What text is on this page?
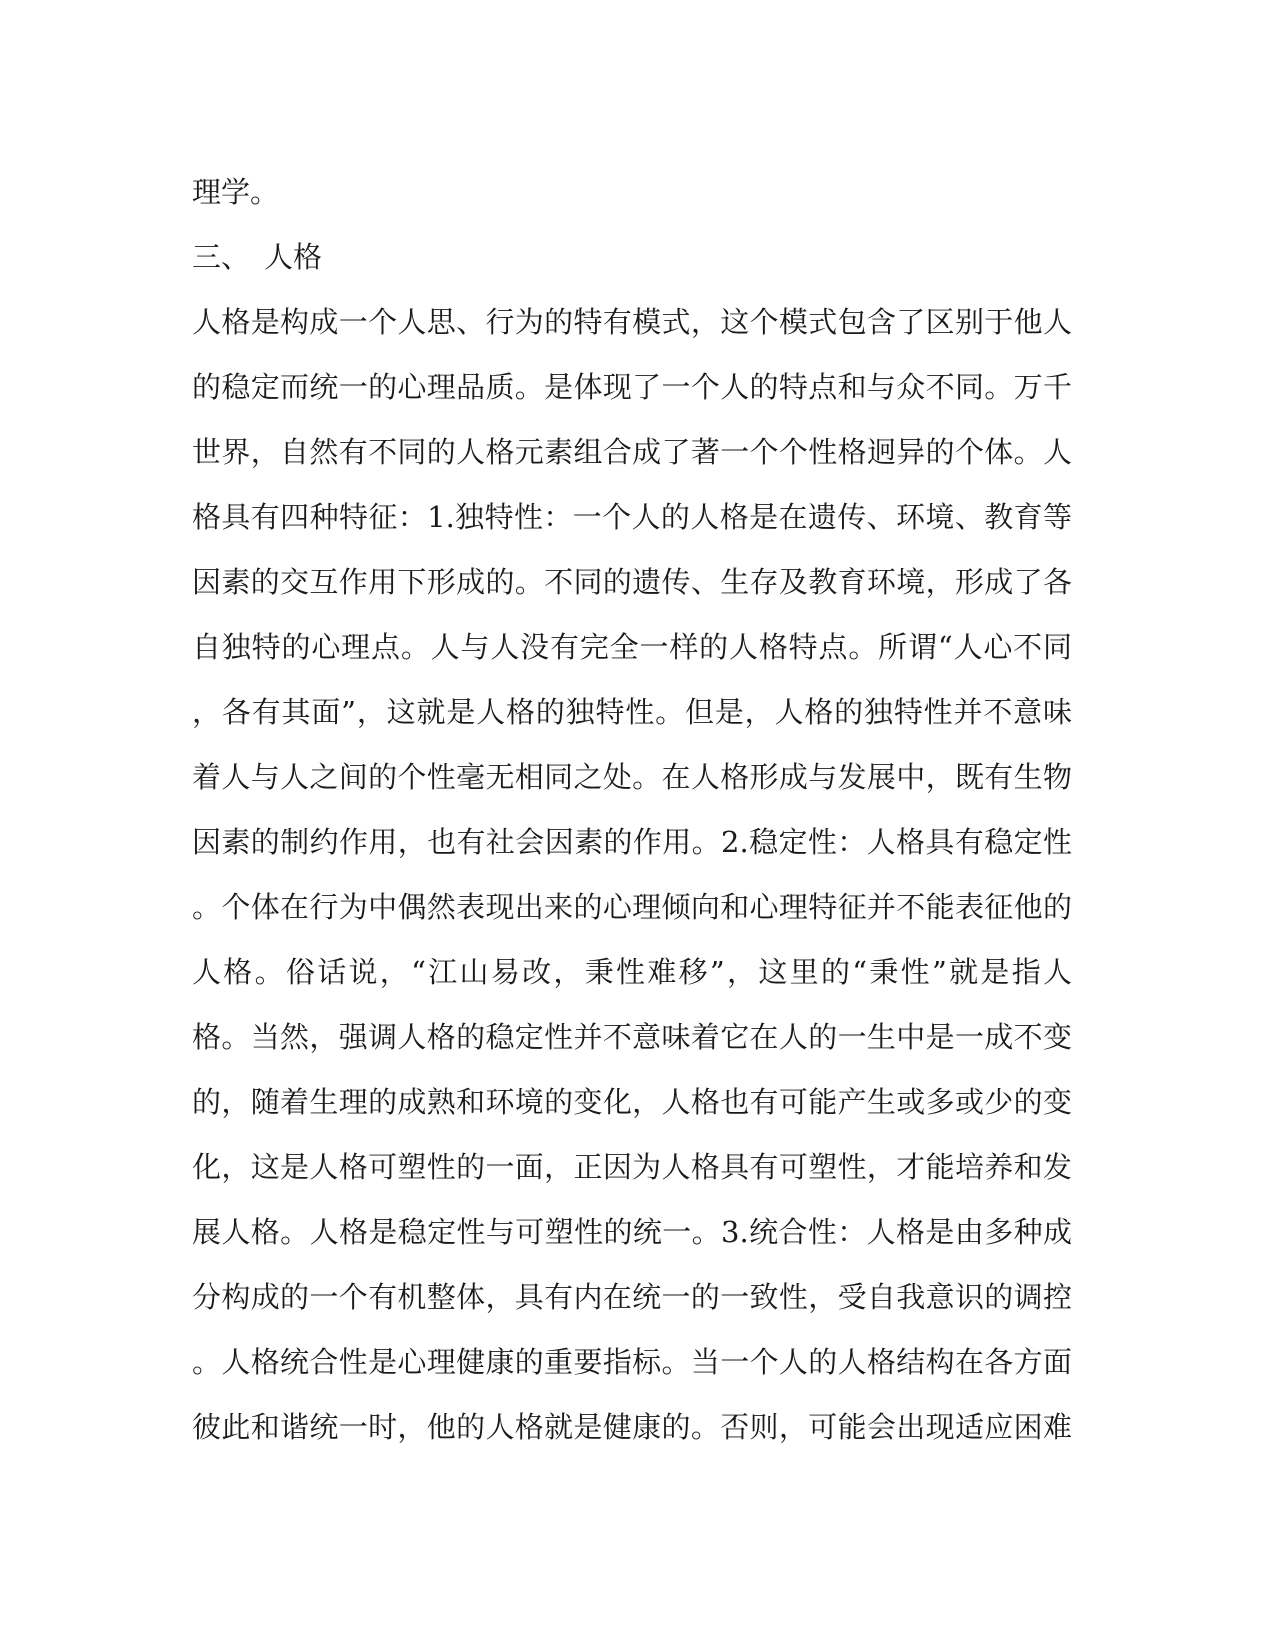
理学。
三、 人格
人格是构成一个人思、行为的特有模式，这个模式包含了区别于他人
的稳定而统一的心理品质。是体现了一个人的特点和与众不同。万千
世界，自然有不同的人格元素组合成了著一个个性格迥异的个体。人
格具有四种特征：1.独特性：一个人的人格是在遗传、环境、教育等
因素的交互作用下形成的。不同的遗传、生存及教育环境，形成了各
自独特的心理点。人与人没有完全一样的人格特点。所谓“人心不同
，各有其面”，这就是人格的独特性。但是，人格的独特性并不意味
着人与人之间的个性毫无相同之处。在人格形成与发展中，既有生物
因素的制约作用，也有社会因素的作用。2.稳定性：人格具有稳定性
。个体在行为中偶然表现出来的心理倾向和心理特征并不能表征他的
人格。俗话说，“江山易改，秉性难移”，这里的“秉性”就是指人
格。当然，强调人格的稳定性并不意味着它在人的一生中是一成不变
的，随着生理的成熟和环境的变化，人格也有可能产生或多或少的变
化，这是人格可塑性的一面，正因为人格具有可塑性，才能培养和发
展人格。人格是稳定性与可塑性的统一。3.统合性：人格是由多种成
分构成的一个有机整体，具有内在统一的一致性，受自我意识的调控
。人格统合性是心理健康的重要指标。当一个人的人格结构在各方面
彼此和谐统一时，他的人格就是健康的。否则，可能会出现适应困难
